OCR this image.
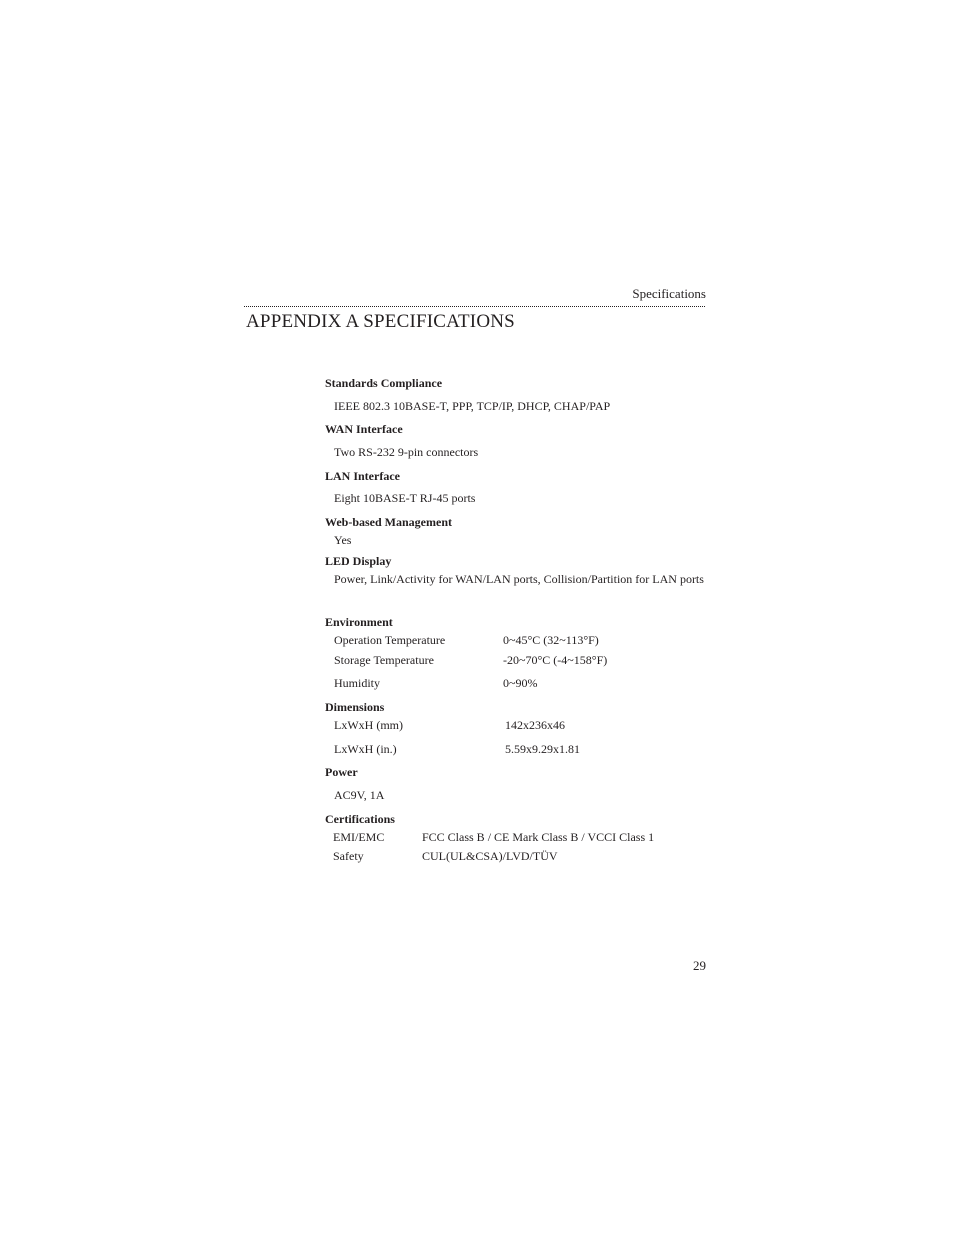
Specifications
APPENDIX A SPECIFICATIONS
Standards Compliance
IEEE 802.3 10BASE-T, PPP, TCP/IP, DHCP, CHAP/PAP
WAN Interface
Two RS-232 9-pin connectors
LAN Interface
Eight 10BASE-T RJ-45 ports
Web-based Management
Yes
LED Display
Power, Link/Activity for WAN/LAN ports, Collision/Partition for LAN ports
Environment
Operation Temperature	0~45°C (32~113°F)
Storage Temperature	-20~70°C (-4~158°F)
Humidity	0~90%
Dimensions
LxWxH (mm)	142x236x46
LxWxH (in.)	5.59x9.29x1.81
Power
AC9V, 1A
Certifications
EMI/EMC	FCC Class B / CE Mark Class B / VCCI Class 1
Safety	CUL(UL&CSA)/LVD/TÜV
29
